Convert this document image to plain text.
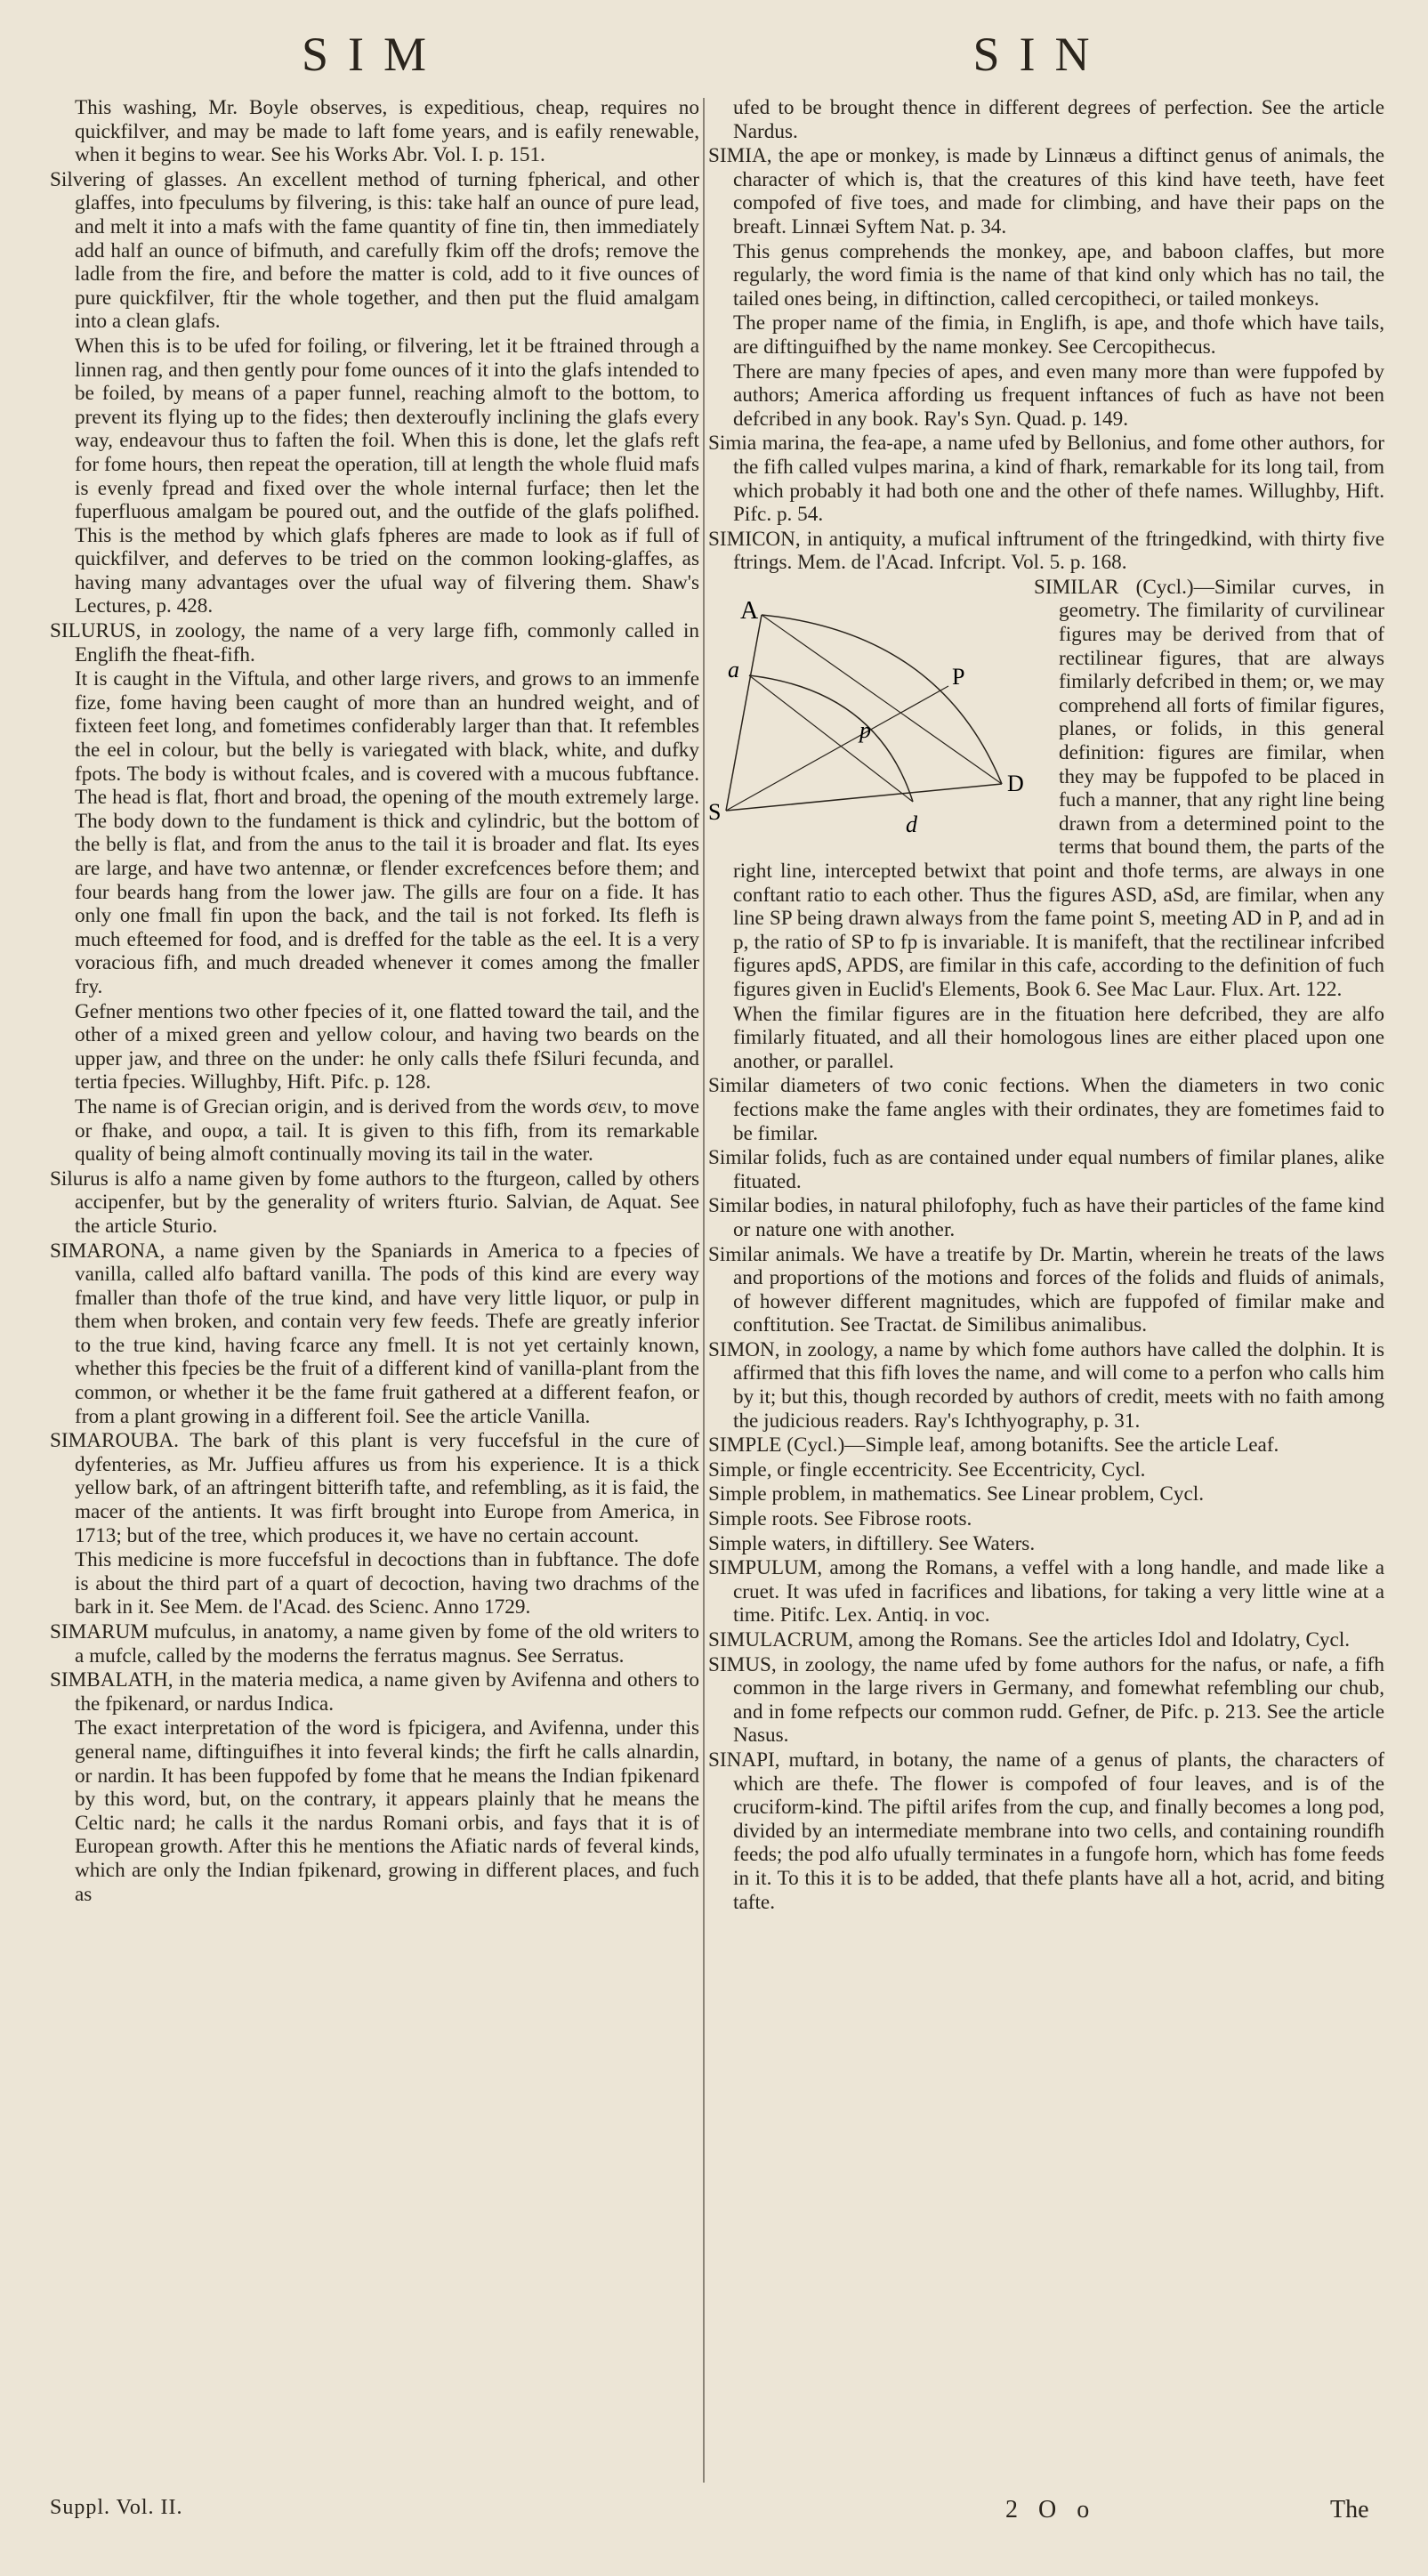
SIM	SIN

This washing, Mr. Boyle observes, is expeditious, cheap, requires no quickfilver, and may be made to laft fome years, and is eafily renewable, when it begins to wear. See his Works Abr. Vol. I. p. 151.

Silvering of glasses. An excellent method of turning fpherical, and other glaffes, into fpeculums by filvering, is this: take half an ounce of pure lead, and melt it into a mafs with the fame quantity of fine tin, then immediately add half an ounce of bifmuth, and carefully fkim off the drofs; remove the ladle from the fire, and before the matter is cold, add to it five ounces of pure quickfilver, ftir the whole together, and then put the fluid amalgam into a clean glafs.

When this is to be ufed for foiling, or filvering, let it be ftrained through a linnen rag, and then gently pour fome ounces of it into the glafs intended to be foiled, by means of a paper funnel, reaching almoft to the bottom, to prevent its flying up to the fides; then dexteroufly inclining the glafs every way, endeavour thus to faften the foil. When this is done, let the glafs reft for fome hours, then repeat the operation, till at length the whole fluid mafs is evenly fpread and fixed over the whole internal furface; then let the fuperfluous amalgam be poured out, and the outfide of the glafs polifhed. This is the method by which glafs fpheres are made to look as if full of quickfilver, and deferves to be tried on the common looking-glaffes, as having many advantages over the ufual way of filvering them. Shaw's Lectures, p. 428.

SILURUS, in zoology, the name of a very large fifh, commonly called in Englifh the fheat-fifh.

It is caught in the Viftula, and other large rivers, and grows to an immenfe fize, fome having been caught of more than an hundred weight, and of fixteen feet long, and fometimes confiderably larger than that. It refembles the eel in colour, but the belly is variegated with black, white, and dufky fpots. The body is without fcales, and is covered with a mucous fubftance. The head is flat, fhort and broad, the opening of the mouth extremely large. The body down to the fundament is thick and cylindric, but the bottom of the belly is flat, and from the anus to the tail it is broader and flat. Its eyes are large, and have two antennæ, or flender excrefcences before them; and four beards hang from the lower jaw. The gills are four on a fide. It has only one fmall fin upon the back, and the tail is not forked. Its flefh is much efteemed for food, and is dreffed for the table as the eel. It is a very voracious fifh, and much dreaded whenever it comes among the fmaller fry.

Gefner mentions two other fpecies of it, one flatted toward the tail, and the other of a mixed green and yellow colour, and having two beards on the upper jaw, and three on the under: he only calls thefe fSiluri fecunda, and tertia fpecies. Willughby, Hift. Pifc. p. 128.

The name is of Grecian origin, and is derived from the words σειν, to move or fhake, and ουρα, a tail. It is given to this fifh, from its remarkable quality of being almoft continually moving its tail in the water.

Silurus is alfo a name given by fome authors to the fturgeon, called by others accipenfer, but by the generality of writers fturio. Salvian, de Aquat. See the article Sturio.

SIMARONA, a name given by the Spaniards in America to a fpecies of vanilla, called alfo baftard vanilla. The pods of this kind are every way fmaller than thofe of the true kind, and have very little liquor, or pulp in them when broken, and contain very few feeds. Thefe are greatly inferior to the true kind, having fcarce any fmell. It is not yet certainly known, whether this fpecies be the fruit of a different kind of vanilla-plant from the common, or whether it be the fame fruit gathered at a different feafon, or from a plant growing in a different foil. See the article Vanilla.

SIMAROUBA. The bark of this plant is very fuccefsful in the cure of dyfenteries, as Mr. Juffieu affures us from his experience. It is a thick yellow bark, of an aftringent bitterifh tafte, and refembling, as it is faid, the macer of the antients. It was firft brought into Europe from America, in 1713; but of the tree, which produces it, we have no certain account.

This medicine is more fuccefsful in decoctions than in fubftance. The dofe is about the third part of a quart of decoction, having two drachms of the bark in it. See Mem. de l'Acad. des Scienc. Anno 1729.

SIMARUM mufculus, in anatomy, a name given by fome of the old writers to a mufcle, called by the moderns the ferratus magnus. See Serratus.

SIMBALATH, in the materia medica, a name given by Avifenna and others to the fpikenard, or nardus Indica.

The exact interpretation of the word is fpicigera, and Avifenna, under this general name, diftinguifhes it into feveral kinds; the firft he calls alnardin, or nardin. It has been fuppofed by fome that he means the Indian fpikenard by this word, but, on the contrary, it appears plainly that he means the Celtic nard; he calls it the nardus Romani orbis, and fays that it is of European growth. After this he mentions the Afiatic nards of feveral kinds, which are only the Indian fpikenard, growing in different places, and fuch as

ufed to be brought thence in different degrees of perfection. See the article Nardus.

SIMIA, the ape or monkey, is made by Linnæus a diftinct genus of animals, the character of which is, that the creatures of this kind have teeth, have feet compofed of five toes, and made for climbing, and have their paps on the breaft. Linnæi Syftem Nat. p. 34.

This genus comprehends the monkey, ape, and baboon claffes, but more regularly, the word fimia is the name of that kind only which has no tail, the tailed ones being, in diftinction, called cercopitheci, or tailed monkeys.

The proper name of the fimia, in Englifh, is ape, and thofe which have tails, are diftinguifhed by the name monkey. See Cercopithecus.

There are many fpecies of apes, and even many more than were fuppofed by authors; America affording us frequent inftances of fuch as have not been defcribed in any book. Ray's Syn. Quad. p. 149.

Simia marina, the fea-ape, a name ufed by Bellonius, and fome other authors, for the fifh called vulpes marina, a kind of fhark, remarkable for its long tail, from which probably it had both one and the other of thefe names. Willughby, Hift. Pifc. p. 54.

SIMICON, in antiquity, a mufical inftrument of the ftringedkind, with thirty five ftrings. Mem. de l'Acad. Infcript. Vol. 5. p. 168.

A
a	P
p
S	d
D

SIMILAR (Cycl.)—Similar curves, in geometry. The fimilarity of curvilinear figures may be derived from that of rectilinear figures, that are always fimilarly defcribed in them; or, we may comprehend all forts of fimilar figures, planes, or folids, in this general definition: figures are fimilar, when they may be fuppofed to be placed in fuch a manner, that any right line being drawn from a determined point to the terms that bound them, the parts of the right line, intercepted betwixt that point and thofe terms, are always in one conftant ratio to each other. Thus the figures ASD, aSd, are fimilar, when any line SP being drawn always from the fame point S, meeting AD in P, and ad in p, the ratio of SP to fp is invariable. It is manifeft, that the rectilinear infcribed figures apdS, APDS, are fimilar in this cafe, according to the definition of fuch figures given in Euclid's Elements, Book 6. See Mac Laur. Flux. Art. 122.

When the fimilar figures are in the fituation here defcribed, they are alfo fimilarly fituated, and all their homologous lines are either placed upon one another, or parallel.

Similar diameters of two conic fections. When the diameters in two conic fections make the fame angles with their ordinates, they are fometimes faid to be fimilar.

Similar folids, fuch as are contained under equal numbers of fimilar planes, alike fituated.

Similar bodies, in natural philofophy, fuch as have their particles of the fame kind or nature one with another.

Similar animals. We have a treatife by Dr. Martin, wherein he treats of the laws and proportions of the motions and forces of the folids and fluids of animals, of however different magnitudes, which are fuppofed of fimilar make and conftitution. See Tractat. de Similibus animalibus.

SIMON, in zoology, a name by which fome authors have called the dolphin. It is affirmed that this fifh loves the name, and will come to a perfon who calls him by it; but this, though recorded by authors of credit, meets with no faith among the judicious readers. Ray's Ichthyography, p. 31.

SIMPLE (Cycl.)—Simple leaf, among botanifts. See the article Leaf.

Simple, or fingle eccentricity. See Eccentricity, Cycl.

Simple problem, in mathematics. See Linear problem, Cycl.

Simple roots. See Fibrose roots.

Simple waters, in diftillery. See Waters.

SIMPULUM, among the Romans, a veffel with a long handle, and made like a cruet. It was ufed in facrifices and libations, for taking a very little wine at a time. Pitifc. Lex. Antiq. in voc.

SIMULACRUM, among the Romans. See the articles Idol and Idolatry, Cycl.

SIMUS, in zoology, the name ufed by fome authors for the nafus, or nafe, a fifh common in the large rivers in Germany, and fomewhat refembling our chub, and in fome refpects our common rudd. Gefner, de Pifc. p. 213. See the article Nasus.

SINAPI, muftard, in botany, the name of a genus of plants, the characters of which are thefe. The flower is compofed of four leaves, and is of the cruciform-kind. The piftil arifes from the cup, and finally becomes a long pod, divided by an intermediate membrane into two cells, and containing roundifh feeds; the pod alfo ufually terminates in a fungofe horn, which has fome feeds in it. To this it is to be added, that thefe plants have all a hot, acrid, and biting tafte.

Suppl. Vol. II.	2 O o	The
